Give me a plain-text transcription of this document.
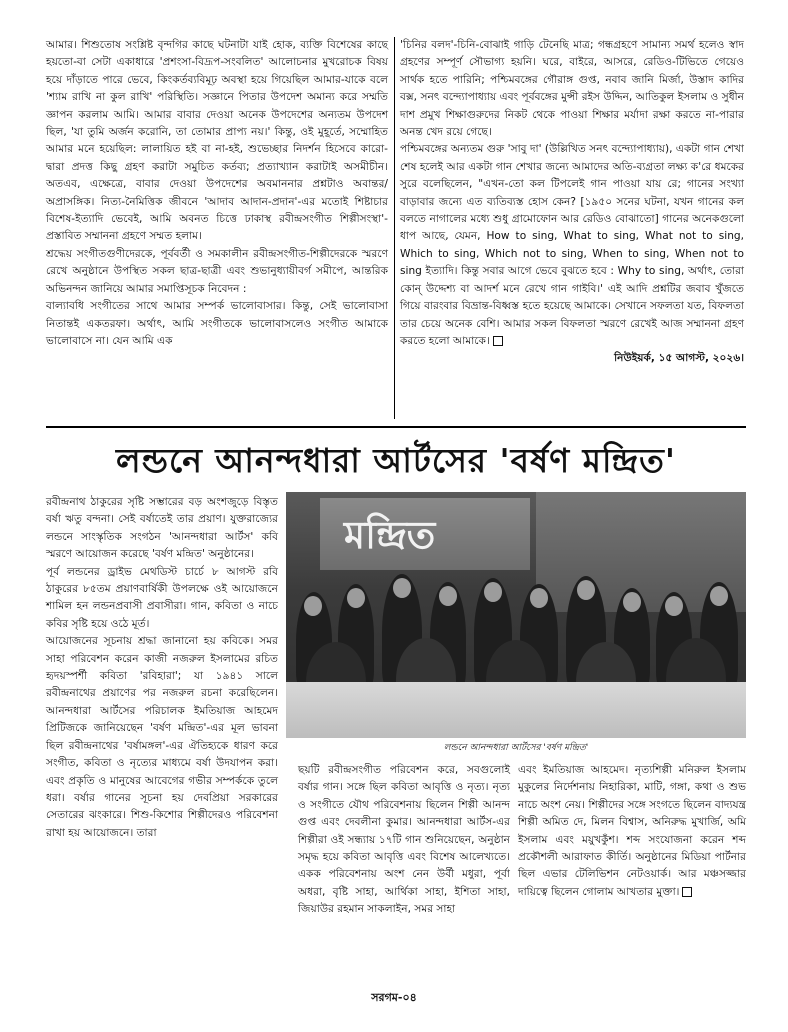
আমার। শিশুতোষ সংশ্লিষ্ট বৃন্দগির কাছে ঘটনাটা যাই হোক, ব্যক্তি বিশেষের কাছে হয়তো-বা সেটা একাধারে 'প্রশংসা-বিদ্রূপ-সংবলিত' আলোচনার মুখরোচক বিষয় হয়ে দাঁড়াতে পারে ভেবে, কিংকর্তব্যবিমূঢ় অবস্থা হয়ে গিয়েছিল আমার-যাকে বলে 'শ্যাম রাখি না কুল রাখি' পরিস্থিতি। সজ্ঞানে পিতার উপদেশ অমান্য করে সম্মতি জ্ঞাপন করলাম আমি। আমার বাবার দেওয়া অনেক উপদেশের অন্যতম উপদেশ ছিল, 'যা তুমি অর্জন করোনি, তা তোমার প্রাপ্য নয়।' কিন্তু, ওই মুহূর্তে, সম্মোহিত আমার মনে হয়েছিল: লালায়িত হই বা না-হই, শুভেচ্ছার নিদর্শন হিসেবে কারো-দ্বারা প্রদত্ত কিছু গ্রহণ করাটা সমুচিত কর্তব্য; প্রত্যাখ্যান করাটাই অসমীচীন। অতএব, এক্ষেত্রে, বাবার দেওয়া উপদেশের অবমাননার প্রশ্নটাও অবান্তর/ অপ্রাসঙ্গিক। নিত্য-নৈমিত্তিক জীবনে 'আদাব আদান-প্রদান'-এর মতোই শিষ্টাচার বিশেষ-ইত্যাদি ভেবেই, আমি অবনত চিত্তে ঢাকাস্থ রবীন্দ্রসংগীত শিল্পীসংস্থা'-প্রস্তাবিত সম্মাননা গ্রহণে সম্মত হলাম।

শ্রদ্ধেয় সংগীতগুণীদেরকে, পূর্ববর্তী ও সমকালীন রবীন্দ্রসংগীত-শিল্পীদেরকে স্মরণে রেখে অনুষ্ঠানে উপস্থিত সকল ছাত্র-ছাত্রী এবং শুভানুধ্যায়ীবর্গ সমীপে, আন্তরিক অভিনন্দন জানিয়ে আমার সমাপ্তিসূচক নিবেদন :

বাল্যাবধি সংগীতের সাথে আমার সম্পর্ক ভালোবাসার। কিন্তু, সেই ভালোবাসা নিতান্তই একতরফা। অর্থাৎ, আমি সংগীতকে ভালোবাসলেও সংগীত আমাকে ভালোবাসে না। যেন আমি এক

'চিনির বলদ'-চিনি-বোঝাই গাড়ি টেনেছি মাত্র; গন্ধগ্রহণে সামান্য সমর্থ হলেও স্বাদ গ্রহণের সম্পূর্ণ সৌভাগ্য হয়নি। ঘরে, বাইরে, আসরে, রেডিও-টিভিতে গেয়েও সার্থক হতে পারিনি; পশ্চিমবঙ্গের গৌরাঙ্গ গুপ্ত, নবাব জানি মির্জা, উস্তাদ কাদির বক্স, সনৎ বন্দ্যোপাধ্যায় এবং পূর্ববঙ্গের মুন্সী রইস উদ্দিন, আতিকুল ইসলাম ও সুধীন দাশ প্রমুখ শিক্ষাগুরুদের নিকট থেকে পাওয়া শিক্ষার মর্যাদা রক্ষা করতে না-পারার অনন্ত খেদ রয়ে গেছে।

পশ্চিমবঙ্গের অন্যতম গুরু 'সাবু দা' (উল্লিখিত সনৎ বন্দ্যোপাধ্যায়), একটা গান শেখা শেষ হলেই আর একটা গান শেখার জন্যে আমাদের অতি-ব্যগ্রতা লক্ষ্য ক'রে ধমকের সুরে বলেছিলেন, "এখন-তো কল টিপলেই গান পাওয়া যায় রে; গানের সংখ্যা বাড়াবার জন্যে এত ব্যতিব্যস্ত হোস কেন? [১৯৫০ সনের ঘটনা, যখন গানের কল বলতে নাগালের মধ্যে শুধু গ্রামোফোন আর রেডিও বোঝাতো] গানের অনেকগুলো ধাপ আছে, যেমন, How to sing, What to sing, What not to sing, Which to sing, Which not to sing, When to sing, When not to sing ইত্যাদি। কিন্তু সবার আগে ভেবে বুঝতে হবে : Why to sing, অর্থাৎ, তোরা কোন্ উদ্দেশ্য বা আদর্শ মনে রেখে গান গাইবি।' এই আদি প্রশ্নটির জবাব খুঁজতে গিয়ে বারংবার বিভ্রান্ত-বিধ্বস্ত হতে হয়েছে আমাকে। সেখানে সফলতা যত, বিফলতা তার চেয়ে অনেক বেশি। আমার সকল বিফলতা স্মরণে রেখেই আজ সম্মাননা গ্রহণ করতে হলো আমাকে।

নিউইয়র্ক, ১৫ আগস্ট, ২০২৬।

লন্ডনে আনন্দধারা আর্টসের 'বর্ষণ মন্দ্রিত'

রবীন্দ্রনাথ ঠাকুরের সৃষ্টি সম্ভারের বড় অংশজুড়ে বিস্তৃত বর্ষা ঋতু বন্দনা। সেই বর্ষাতেই তার প্রয়াণ। যুক্তরাজ্যের লন্ডনে সাংস্কৃতিক সংগঠন 'আনন্দধারা আর্টস' কবি স্মরণে আয়োজন করেছে 'বর্ষণ মন্দ্রিত' অনুষ্ঠানের।

পূর্ব লন্ডনের ড্রাইভ মেথডিস্ট চার্চে ৮ আগস্ট রবি ঠাকুরের ৮৫তম প্রয়াণবার্ষিকী উপলক্ষে ওই আয়োজনে শামিল হন লন্ডনপ্রবাসী প্রবাসীরা। গান, কবিতা ও নাচে কবির সৃষ্টি হয়ে ওঠে মূর্ত।

আয়োজনের সূচনায় শ্রদ্ধা জানানো হয় কবিকে। সমর সাহা পরিবেশন করেন কাজী নজরুল ইসলামের রচিত হৃদয়স্পর্শী কবিতা 'রবিহারা'; যা ১৯৪১ সালে রবীন্দ্রনাথের প্রয়াণের পর নজরুল রচনা করেছিলেন। আনন্দধারা আর্টসের পরিচালক ইমতিয়াজ আহমেদ প্রিটিজকে জানিয়েছেন 'বর্ষণ মন্দ্রিত'-এর মূল ভাবনা ছিল রবীন্দ্রনাথের 'বর্ষামঙ্গল'-এর ঐতিহ্যকে ধারণ করে সংগীত, কবিতা ও নৃত্যের মাধ্যমে বর্ষা উদযাপন করা। এবং প্রকৃতি ও মানুষের আবেগের গভীর সম্পর্ককে তুলে ধরা। বর্ষার গানের সূচনা হয় দেবপ্রিয়া সরকারের সেতারের ঝংকারে। শিশু-কিশোর শিল্পীদেরও পরিবেশনা রাখা হয় আয়োজনে। তারা

মন্দ্রিত
লন্ডনে আনন্দধারা আর্টসের 'বর্ষণ মন্দ্রিত'

ছয়টি রবীন্দ্রসংগীত পরিবেশন করে, সবগুলোই বর্ষার গান। সঙ্গে ছিল কবিতা আবৃত্তি ও নৃত্য। নৃত্য ও সংগীতে যৌথ পরিবেশনায় ছিলেন শিল্পী আনন্দ গুপ্ত এবং দেবলীনা কুমার। আনন্দধারা আর্টস-এর শিল্পীরা ওই সন্ধ্যায় ১৭টি গান শুনিয়েছেন, অনুষ্ঠান সমৃদ্ধ হয়ে কবিতা আবৃত্তি এবং বিশেষ আলেখ্যতে। একক পরিবেশনায় অংশ নেন উর্বী মধুরা, পূর্বা অধরা, বৃষ্টি সাহা, আর্থিকা সাহা, ইশিতা সাহা, জিয়াউর রহমান সাকলাইন, সমর সাহা

এবং ইমতিয়াজ আহমেদ। নৃত্যশিল্পী মনিরুল ইসলাম মুকুলের নির্দেশনায় নিহারিকা, মাটি, গঙ্গা, কথা ও শুভ নাচে অংশ নেয়। শিল্পীদের সঙ্গে সংগতে ছিলেন বাদ্যযন্ত্র শিল্পী অমিত দে, মিলন বিশ্বাস, অনিরুদ্ধ মুখার্জি, অমি ইসলাম এবং ময়ুখকুঁশ। শব্দ সংযোজনা করেন শব্দ প্রকৌশলী আরাফাত কীর্তি। অনুষ্ঠানের মিডিয়া পার্টনার ছিল এভার টেলিভিশন নেটওয়ার্ক। আর মঞ্চসজ্জার দায়িত্বে ছিলেন গোলাম আখতার মুক্তা।

সরগম-০৪
